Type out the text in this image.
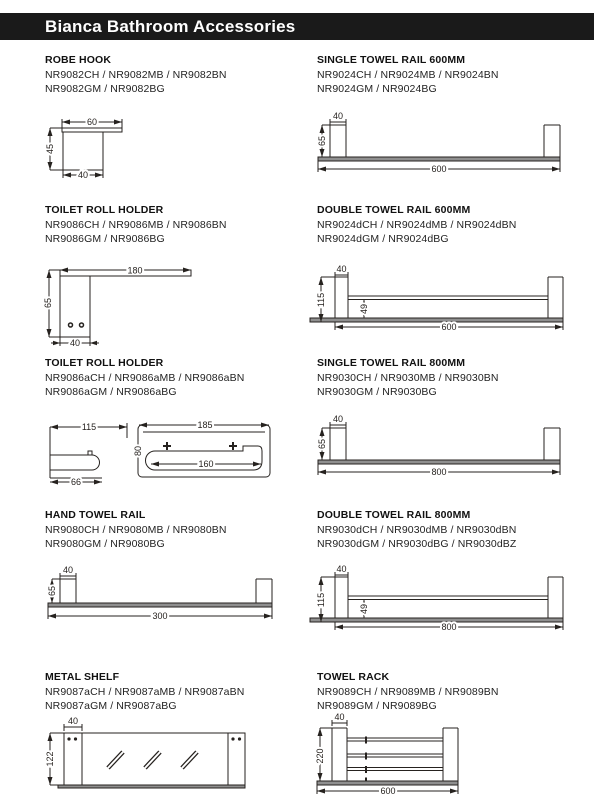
Bianca Bathroom Accessories
ROBE HOOK
NR9082CH / NR9082MB / NR9082BN
NR9082GM / NR9082BG
SINGLE TOWEL RAIL 600MM
NR9024CH / NR9024MB / NR9024BN
NR9024GM / NR9024BG
TOILET ROLL HOLDER
NR9086CH / NR9086MB / NR9086BN
NR9086GM / NR9086BG
DOUBLE TOWEL RAIL 600MM
NR9024dCH / NR9024dMB / NR9024dBN
NR9024dGM / NR9024dBG
TOILET ROLL HOLDER
NR9086aCH / NR9086aMB / NR9086aBN
NR9086aGM / NR9086aBG
SINGLE TOWEL RAIL 800MM
NR9030CH / NR9030MB / NR9030BN
NR9030GM / NR9030BG
HAND TOWEL RAIL
NR9080CH / NR9080MB / NR9080BN
NR9080GM / NR9080BG
DOUBLE TOWEL RAIL 800MM
NR9030dCH / NR9030dMB / NR9030dBN
NR9030dGM / NR9030dBG / NR9030dBZ
METAL SHELF
NR9087aCH / NR9087aMB / NR9087aBN
NR9087aGM / NR9087aBG
TOWEL RACK
NR9089CH / NR9089MB / NR9089BN
NR9089GM / NR9089BG
60
45
40
40
65
600
180
65
40
40
115
49
600
115
66
185
80
160
40
65
800
40
65
300
40
115
49
800
40
122
40
220
600
